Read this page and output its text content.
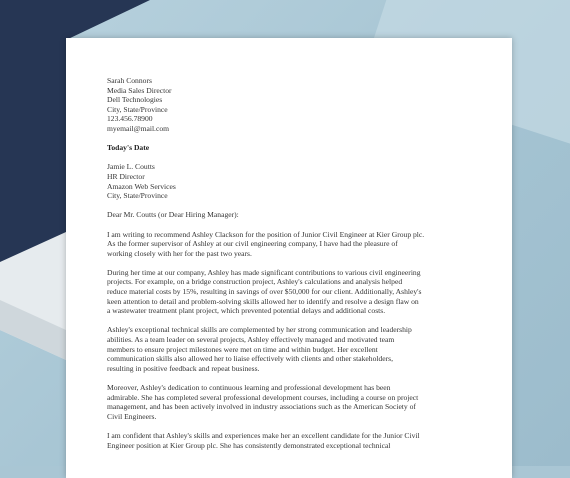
Sarah Connors
Media Sales Director
Dell Technologies
City, State/Province
123.456.78900
myemail@mail.com
Today's Date
Jamie L. Coutts
HR Director
Amazon Web Services
City, State/Province
Dear Mr. Coutts (or Dear Hiring Manager):

I am writing to recommend Ashley Clackson for the position of Junior Civil Engineer at Kier Group plc.
As the former supervisor of Ashley at our civil engineering company, I have had the pleasure of
working closely with her for the past two years.

During her time at our company, Ashley has made significant contributions to various civil engineering
projects. For example, on a bridge construction project, Ashley's calculations and analysis helped
reduce material costs by 15%, resulting in savings of over $50,000 for our client. Additionally, Ashley's
keen attention to detail and problem-solving skills allowed her to identify and resolve a design flaw on
a wastewater treatment plant project, which prevented potential delays and additional costs.

Ashley's exceptional technical skills are complemented by her strong communication and leadership
abilities. As a team leader on several projects, Ashley effectively managed and motivated team
members to ensure project milestones were met on time and within budget. Her excellent
communication skills also allowed her to liaise effectively with clients and other stakeholders,
resulting in positive feedback and repeat business.

Moreover, Ashley's dedication to continuous learning and professional development has been
admirable. She has completed several professional development courses, including a course on project
management, and has been actively involved in industry associations such as the American Society of
Civil Engineers.

I am confident that Ashley's skills and experiences make her an excellent candidate for the Junior Civil
Engineer position at Kier Group plc. She has consistently demonstrated exceptional technical
